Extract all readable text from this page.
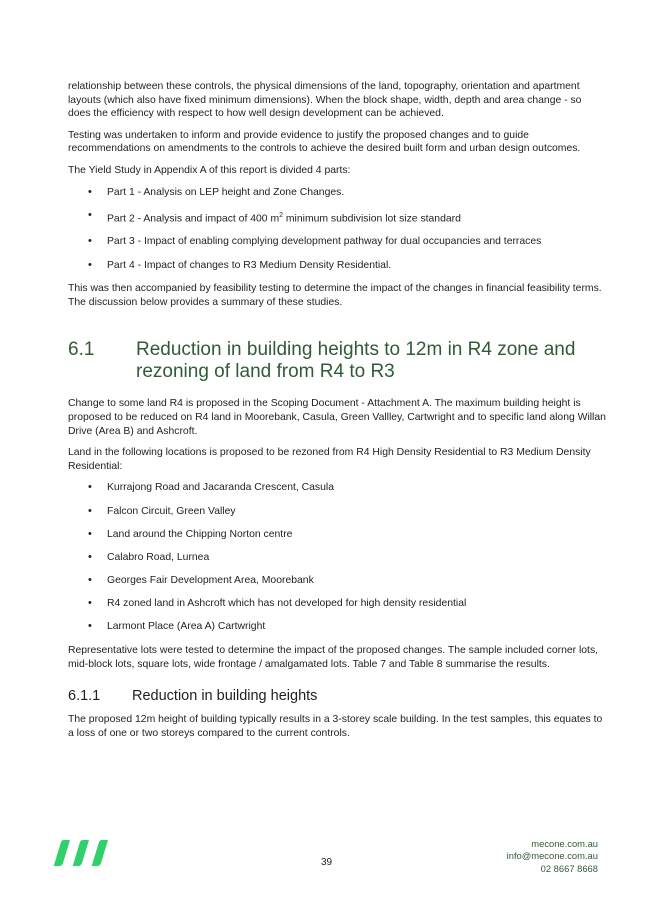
relationship between these controls, the physical dimensions of the land, topography, orientation and apartment layouts (which also have fixed minimum dimensions). When the block shape, width, depth and area change - so does the efficiency with respect to how well design development can be achieved.

Testing was undertaken to inform and provide evidence to justify the proposed changes and to guide recommendations on amendments to the controls to achieve the desired built form and urban design outcomes.

The Yield Study in Appendix A of this report is divided 4 parts:

• Part 1 - Analysis on LEP height and Zone Changes.
• Part 2 - Analysis and impact of 400 $m^2$ minimum subdivision lot size standard
• Part 3 - Impact of enabling complying development pathway for dual occupancies and terraces
• Part 4 - Impact of changes to R3 Medium Density Residential.

This was then accompanied by feasibility testing to determine the impact of the changes in financial feasibility terms. The discussion below provides a summary of these studies.

6.1	Reduction in building heights to 12m in R4 zone and rezoning of land from R4 to R3

Change to some land R4 is proposed in the Scoping Document - Attachment A. The maximum building height is proposed to be reduced on R4 land in Moorebank, Casula, Green Vallley, Cartwright and to specific land along Willan Drive (Area B) and Ashcroft.

Land in the following locations is proposed to be rezoned from R4 High Density Residential to R3 Medium Density Residential:

• Kurrajong Road and Jacaranda Crescent, Casula
• Falcon Circuit, Green Valley
• Land around the Chipping Norton centre
• Calabro Road, Lurnea
• Georges Fair Development Area, Moorebank
• R4 zoned land in Ashcroft which has not developed for high density residential
• Larmont Place (Area A) Cartwright

Representative lots were tested to determine the impact of the proposed changes. The sample included corner lots, mid-block lots, square lots, wide frontage / amalgamated lots. Table 7 and Table 8 summarise the results.

6.1.1	Reduction in building heights

The proposed 12m height of building typically results in a 3-storey scale building. In the test samples, this equates to a loss of one or two storeys compared to the current controls.

39
mecone.com.au
info@mecone.com.au
02 8667 8668
